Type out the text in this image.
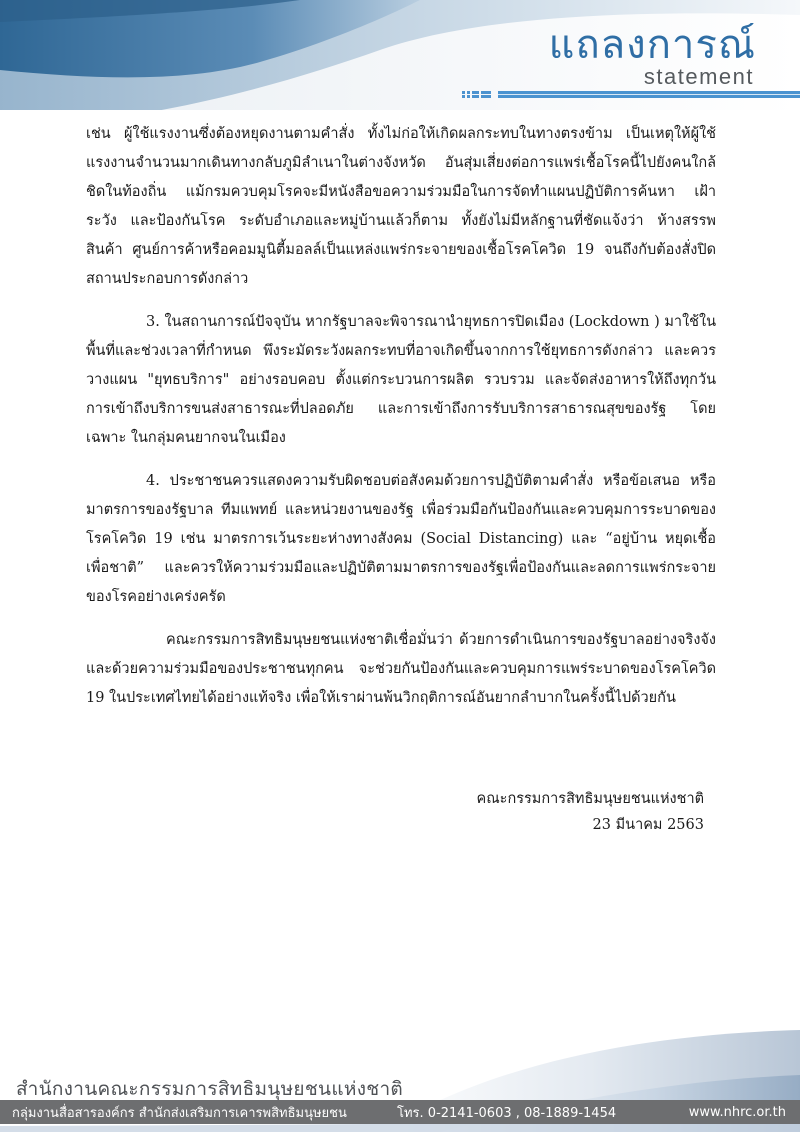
แถลงการณ์
statement

เช่น ผู้ใช้แรงงานซึ่งต้องหยุดงานตามคำสั่ง ทั้งไม่ก่อให้เกิดผลกระทบในทางตรงข้าม เป็นเหตุให้ผู้ใช้แรงงานจำนวนมากเดินทางกลับภูมิลำเนาในต่างจังหวัด อันสุ่มเสี่ยงต่อการแพร่เชื้อโรคนี้ไปยังคนใกล้ชิดในท้องถิ่น แม้กรมควบคุมโรคจะมีหนังสือขอความร่วมมือในการจัดทำแผนปฏิบัติการค้นหา เฝ้าระวัง และป้องกันโรค ระดับอำเภอและหมู่บ้านแล้วก็ตาม ทั้งยังไม่มีหลักฐานที่ชัดแจ้งว่า ห้างสรรพสินค้า ศูนย์การค้าหรือคอมมูนิตี้มอลล์เป็นแหล่งแพร่กระจายของเชื้อโรคโควิด 19 จนถึงกับต้องสั่งปิดสถานประกอบการดังกล่าว

3. ในสถานการณ์ปัจจุบัน หากรัฐบาลจะพิจารณานำยุทธการปิดเมือง (Lockdown ) มาใช้ในพื้นที่และช่วงเวลาที่กำหนด พึงระมัดระวังผลกระทบที่อาจเกิดขึ้นจากการใช้ยุทธการดังกล่าว และควรวางแผน "ยุทธบริการ" อย่างรอบคอบ ตั้งแต่กระบวนการผลิต รวบรวม และจัดส่งอาหารให้ถึงทุกวัน การเข้าถึงบริการขนส่งสาธารณะที่ปลอดภัย และการเข้าถึงการรับบริการสาธารณสุขของรัฐ โดยเฉพาะ ในกลุ่มคนยากจนในเมือง

4. ประชาชนควรแสดงความรับผิดชอบต่อสังคมด้วยการปฏิบัติตามคำสั่ง หรือข้อเสนอ หรือมาตรการของรัฐบาล ทีมแพทย์ และหน่วยงานของรัฐ เพื่อร่วมมือกันป้องกันและควบคุมการระบาดของโรคโควิด 19 เช่น มาตรการเว้นระยะห่างทางสังคม (Social Distancing) และ “อยู่บ้าน หยุดเชื้อ เพื่อชาติ” และควรให้ความร่วมมือและปฏิบัติตามมาตรการของรัฐเพื่อป้องกันและลดการแพร่กระจายของโรคอย่างเคร่งครัด

คณะกรรมการสิทธิมนุษยชนแห่งชาติเชื่อมั่นว่า ด้วยการดำเนินการของรัฐบาลอย่างจริงจังและด้วยความร่วมมือของประชาชนทุกคน จะช่วยกันป้องกันและควบคุมการแพร่ระบาดของโรคโควิด 19 ในประเทศไทยได้อย่างแท้จริง เพื่อให้เราผ่านพ้นวิกฤติการณ์อันยากลำบากในครั้งนี้ไปด้วยกัน

คณะกรรมการสิทธิมนุษยชนแห่งชาติ
23 มีนาคม 2563
สำนักงานคณะกรรมการสิทธิมนุษยชนแห่งชาติ
กลุ่มงานสื่อสารองค์กร สำนักส่งเสริมการเคารพสิทธิมนุษยชน	โทร. 0-2141-0603 , 08-1889-1454	www.nhrc.or.th
